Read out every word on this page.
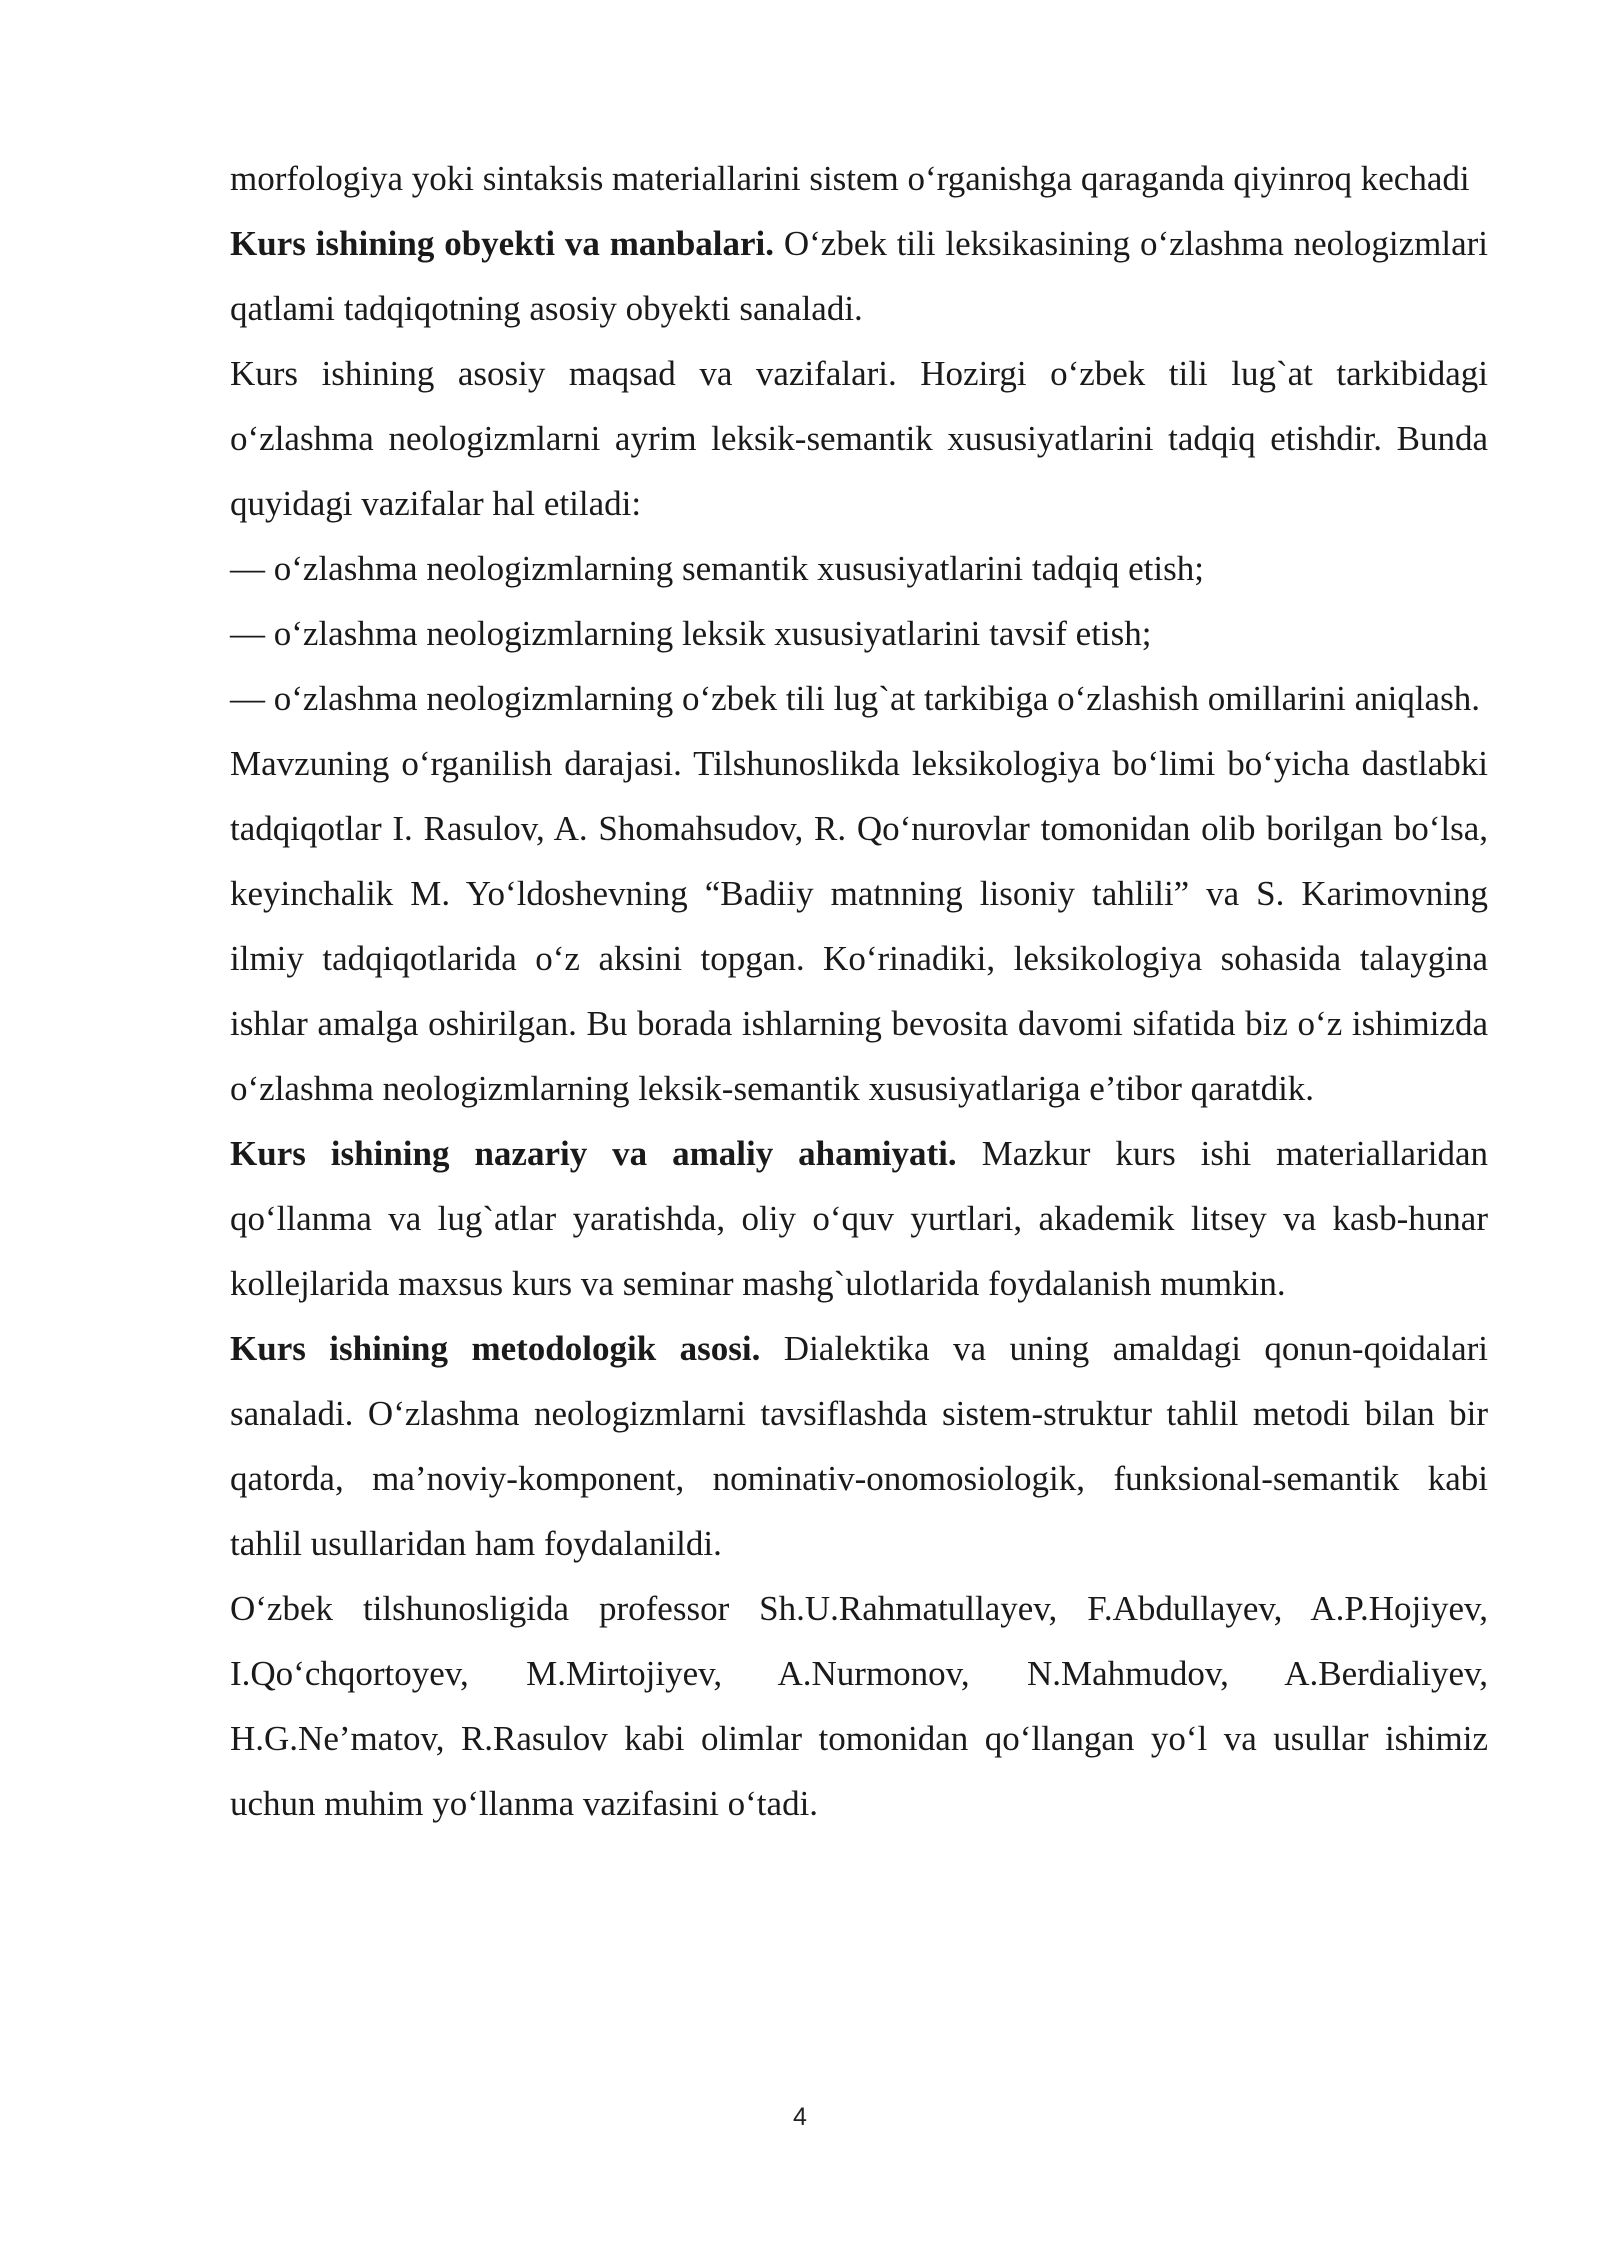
morfologiya yoki sintaksis materiallarini sistem o‘rganishga qaraganda qiyinroq kechadi

Kurs ishining obyekti va manbalari. O‘zbek tili leksikasining o‘zlashma neologizmlari qatlami tadqiqotning asosiy obyekti sanaladi.

Kurs ishining asosiy maqsad va vazifalari. Hozirgi o‘zbek tili lug`at tarkibidagi o‘zlashma neologizmlarni ayrim leksik-semantik xususiyatlarini tadqiq etishdir. Bunda quyidagi vazifalar hal etiladi:

— o‘zlashma neologizmlarning semantik xususiyatlarini tadqiq etish;

— o‘zlashma neologizmlarning leksik xususiyatlarini tavsif etish;

— o‘zlashma neologizmlarning o‘zbek tili lug`at tarkibiga o‘zlashish omillarini aniqlash.

Mavzuning o‘rganilish darajasi. Tilshunoslikda leksikologiya bo‘limi bo‘yicha dastlabki tadqiqotlar I. Rasulov, A. Shomahsudov, R. Qo‘nurovlar tomonidan olib borilgan bo‘lsa, keyinchalik M. Yo‘ldoshevning “Badiiy matnning lisoniy tahlili” va S. Karimovning ilmiy tadqiqotlarida o‘z aksini topgan. Ko‘rinadiki, leksikologiya sohasida talaygina ishlar amalga oshirilgan. Bu borada ishlarning bevosita davomi sifatida biz o‘z ishimizda o‘zlashma neologizmlarning leksik-semantik xususiyatlariga e’tibor qaratdik.

Kurs ishining nazariy va amaliy ahamiyati. Mazkur kurs ishi materiallaridan qo‘llanma va lug`atlar yaratishda, oliy o‘quv yurtlari, akademik litsey va kasb-hunar kollejlarida maxsus kurs va seminar mashg`ulotlarida foydalanish mumkin.

Kurs ishining metodologik asosi. Dialektika va uning amaldagi qonun-qoidalari sanaladi. O‘zlashma neologizmlarni tavsiflashda sistem-struktur tahlil metodi bilan bir qatorda, ma’noviy-komponent, nominativ-onomosiologik, funksional-semantik kabi tahlil usullaridan ham foydalanildi.

O‘zbek tilshunosligida professor Sh.U.Rahmatullayev, F.Abdullayev, A.P.Hojiyev, I.Qo‘chqortoyev, M.Mirtojiyev, A.Nurmonov, N.Mahmudov, A.Berdialiyev, H.G.Ne’matov, R.Rasulov kabi olimlar tomonidan qo‘llangan yo‘l va usullar ishimiz uchun muhim yo‘llanma vazifasini o‘tadi.

4
